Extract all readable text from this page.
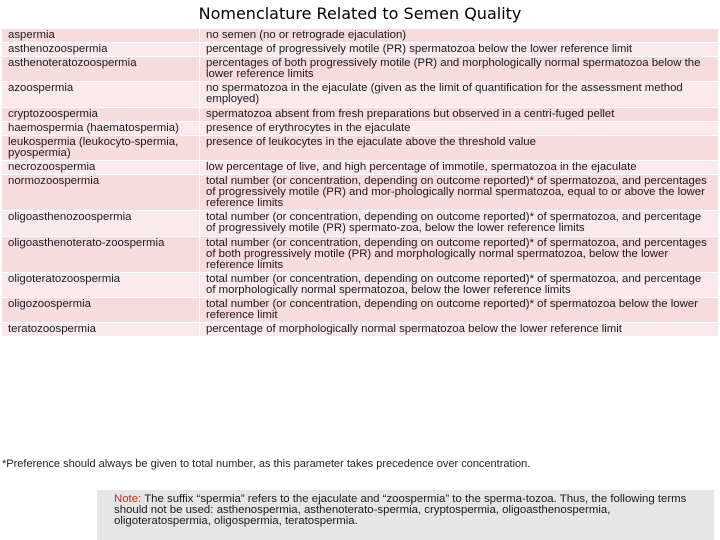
Nomenclature Related to Semen Quality
aspermia	no semen (no or retrograde ejaculation)
asthenozoospermia	percentage of progressively motile (PR) spermatozoa below the lower reference limit
asthenoteratozoospermia	percentages of both progressively motile (PR) and morphologically normal spermatozoa below the lower reference limits
azoospermia	no spermatozoa in the ejaculate (given as the limit of quantification for the assessment method employed)
cryptozoospermia	spermatozoa absent from fresh preparations but observed in a centri-fuged pellet
haemospermia (haematospermia)	presence of erythrocytes in the ejaculate
leukospermia (leukocyto-spermia, pyospermia)	presence of leukocytes in the ejaculate above the threshold value
necrozoospermia	low percentage of live, and high percentage of immotile, spermatozoa in the ejaculate
normozoospermia	total number (or concentration, depending on outcome reported)* of spermatozoa, and percentages of progressively motile (PR) and mor-phologically normal spermatozoa, equal to or above the lower reference limits
oligoasthenozoospermia	total number (or concentration, depending on outcome reported)* of spermatozoa, and percentage of progressively motile (PR) spermato-zoa, below the lower reference limits
oligoasthenoterato-zoospermia	total number (or concentration, depending on outcome reported)* of spermatozoa, and percentages of both progressively motile (PR) and morphologically normal spermatozoa, below the lower reference limits
oligoteratozoospermia	total number (or concentration, depending on outcome reported)* of spermatozoa, and percentage of morphologically normal spermatozoa, below the lower reference limits
oligozoospermia	total number (or concentration, depending on outcome reported)* of spermatozoa below the lower reference limit
teratozoospermia	percentage of morphologically normal spermatozoa below the lower reference limit
*Preference should always be given to total number, as this parameter takes precedence over concentration.
Note: The suffix “spermia” refers to the ejaculate and “zoospermia” to the sperma-tozoa. Thus, the following terms should not be used: asthenospermia, asthenoterato-spermia, cryptospermia, oligoasthenospermia, oligoteratospermia, oligospermia, teratospermia.
